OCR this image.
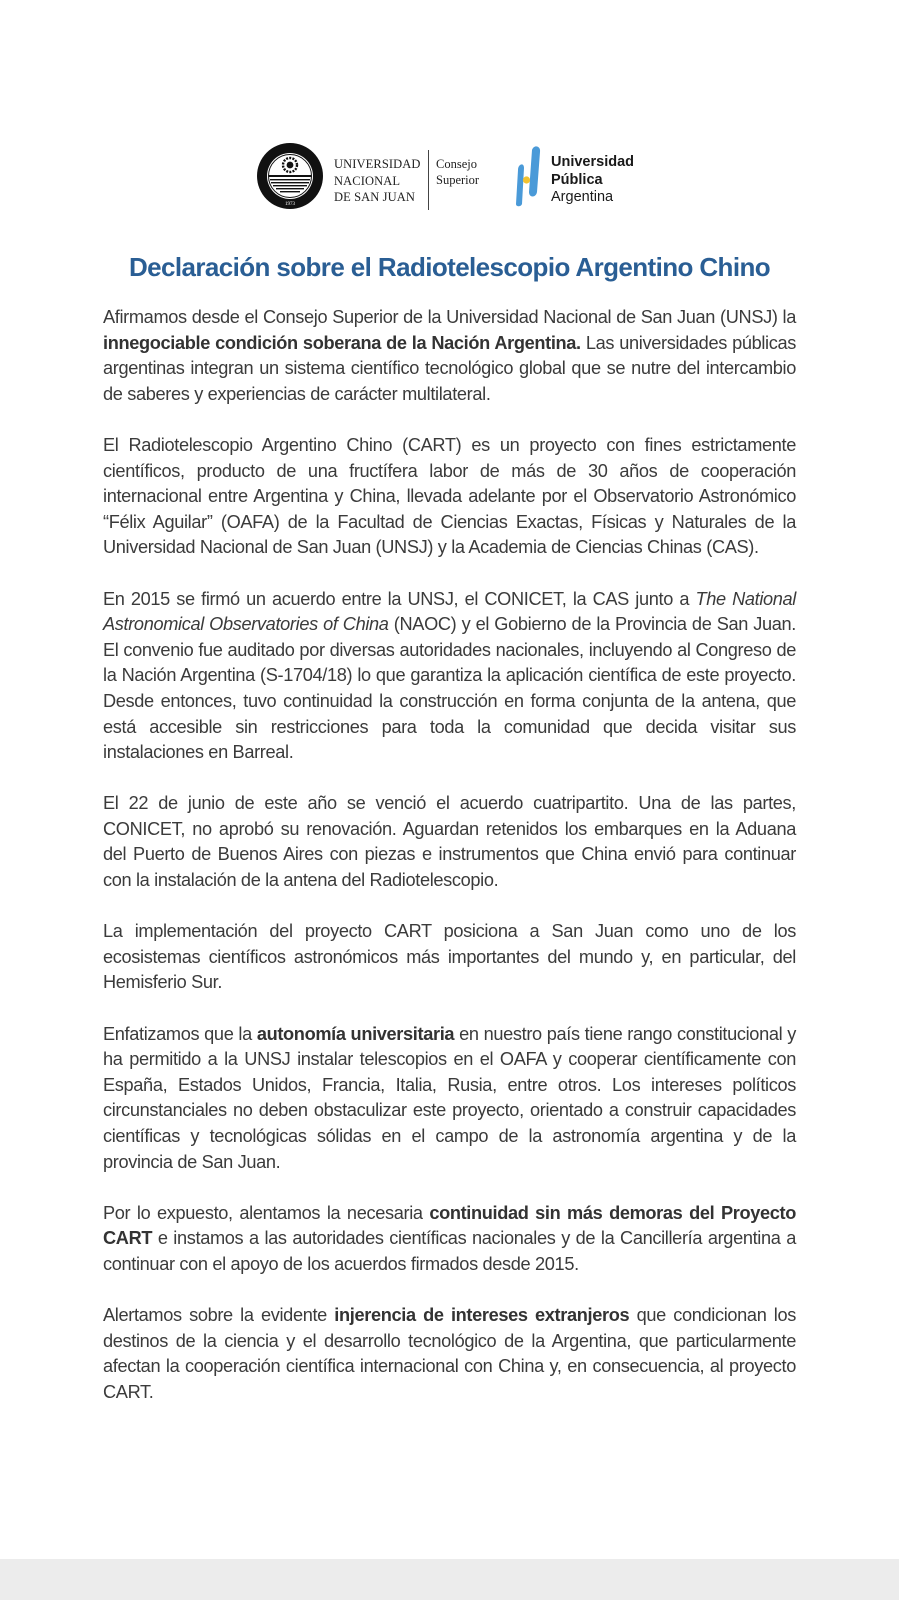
1973
UNIVERSIDAD
NACIONAL
DE SAN JUAN
Consejo
Superior
Universidad
Pública
Argentina
Declaración sobre el Radiotelescopio Argentino Chino

Afirmamos desde el Consejo Superior de la Universidad Nacional de San Juan (UNSJ) la innegociable condición soberana de la Nación Argentina. Las universidades públicas argentinas integran un sistema científico tecnológico global que se nutre del intercambio de saberes y experiencias de carácter multilateral.

El Radiotelescopio Argentino Chino (CART) es un proyecto con fines estrictamente científicos, producto de una fructífera labor de más de 30 años de cooperación internacional entre Argentina y China, llevada adelante por el Observatorio Astronómico “Félix Aguilar” (OAFA) de la Facultad de Ciencias Exactas, Físicas y Naturales de la Universidad Nacional de San Juan (UNSJ) y la Academia de Ciencias Chinas (CAS).

En 2015 se firmó un acuerdo entre la UNSJ, el CONICET, la CAS junto a The National Astronomical Observatories of China (NAOC) y el Gobierno de la Provincia de San Juan. El convenio fue auditado por diversas autoridades nacionales, incluyendo al Congreso de la Nación Argentina (S-1704/18) lo que garantiza la aplicación científica de este proyecto. Desde entonces, tuvo continuidad la construcción en forma conjunta de la antena, que está accesible sin restricciones para toda la comunidad que decida visitar sus instalaciones en Barreal.

El 22 de junio de este año se venció el acuerdo cuatripartito. Una de las partes, CONICET, no aprobó su renovación. Aguardan retenidos los embarques en la Aduana del Puerto de Buenos Aires con piezas e instrumentos que China envió para continuar con la instalación de la antena del Radiotelescopio.

La implementación del proyecto CART posiciona a San Juan como uno de los ecosistemas científicos astronómicos más importantes del mundo y, en particular, del Hemisferio Sur.

Enfatizamos que la autonomía universitaria en nuestro país tiene rango constitucional y ha permitido a la UNSJ instalar telescopios en el OAFA y cooperar científicamente con España, Estados Unidos, Francia, Italia, Rusia, entre otros. Los intereses políticos circunstanciales no deben obstaculizar este proyecto, orientado a construir capacidades científicas y tecnológicas sólidas en el campo de la astronomía argentina y de la provincia de San Juan.

Por lo expuesto, alentamos la necesaria continuidad sin más demoras del Proyecto CART e instamos a las autoridades científicas nacionales y de la Cancillería argentina a continuar con el apoyo de los acuerdos firmados desde 2015.

Alertamos sobre la evidente injerencia de intereses extranjeros que condicionan los destinos de la ciencia y el desarrollo tecnológico de la Argentina, que particularmente afectan la cooperación científica internacional con China y, en consecuencia, al proyecto CART.
